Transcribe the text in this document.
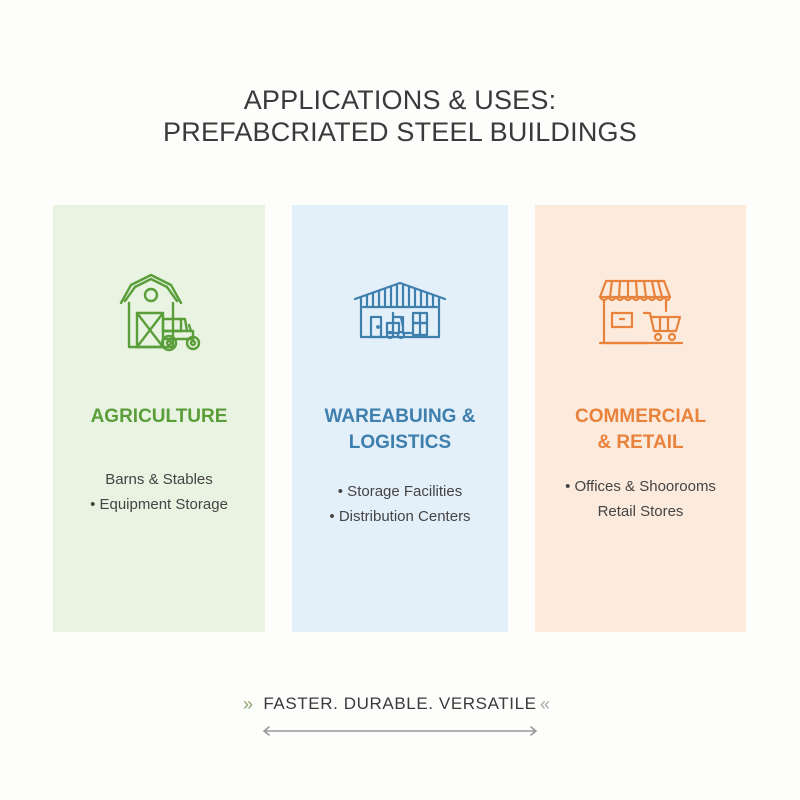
APPLICATIONS & USES:
PREFABCRIATED STEEL BUILDINGS
AGRICULTURE
Barns & Stables
• Equipment Storage
WAREABUING &
LOGISTICS
• Storage Facilities
• Distribution Centers
COMMERCIAL
& RETAIL
• Offices & Shoorooms
Retail Stores
» FASTER. DURABLE. VERSATILE «
